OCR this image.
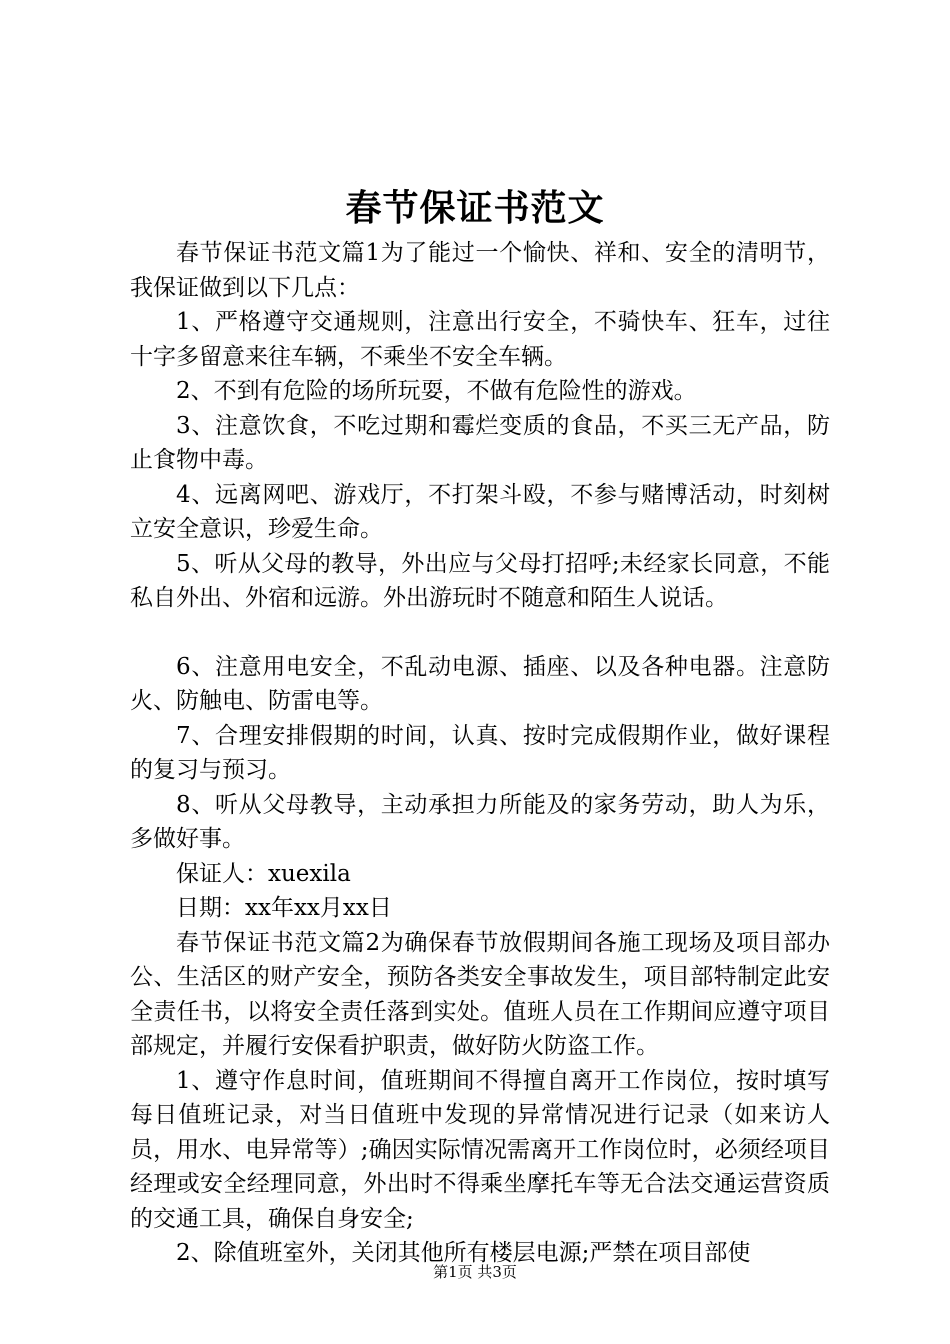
春节保证书范文

春节保证书范文篇1为了能过一个愉快、祥和、安全的清明节，我保证做到以下几点：

1、严格遵守交通规则，注意出行安全，不骑快车、狂车，过往十字多留意来往车辆，不乘坐不安全车辆。

2、不到有危险的场所玩耍，不做有危险性的游戏。

3、注意饮食，不吃过期和霉烂变质的食品，不买三无产品，防止食物中毒。

4、远离网吧、游戏厅，不打架斗殴，不参与赌博活动，时刻树立安全意识，珍爱生命。

5、听从父母的教导，外出应与父母打招呼;未经家长同意，不能私自外出、外宿和远游。外出游玩时不随意和陌生人说话。

6、注意用电安全，不乱动电源、插座、以及各种电器。注意防火、防触电、防雷电等。

7、合理安排假期的时间，认真、按时完成假期作业，做好课程的复习与预习。

8、听从父母教导，主动承担力所能及的家务劳动，助人为乐，多做好事。

保证人：xuexila

日期：xx年xx月xx日

春节保证书范文篇2为确保春节放假期间各施工现场及项目部办公、生活区的财产安全，预防各类安全事故发生，项目部特制定此安全责任书，以将安全责任落到实处。值班人员在工作期间应遵守项目部规定，并履行安保看护职责，做好防火防盗工作。

1、遵守作息时间，值班期间不得擅自离开工作岗位，按时填写每日值班记录，对当日值班中发现的异常情况进行记录（如来访人员，用水、电异常等）;确因实际情况需离开工作岗位时，必须经项目经理或安全经理同意，外出时不得乘坐摩托车等无合法交通运营资质的交通工具，确保自身安全;

2、除值班室外，关闭其他所有楼层电源;严禁在项目部使

第1页 共3页
